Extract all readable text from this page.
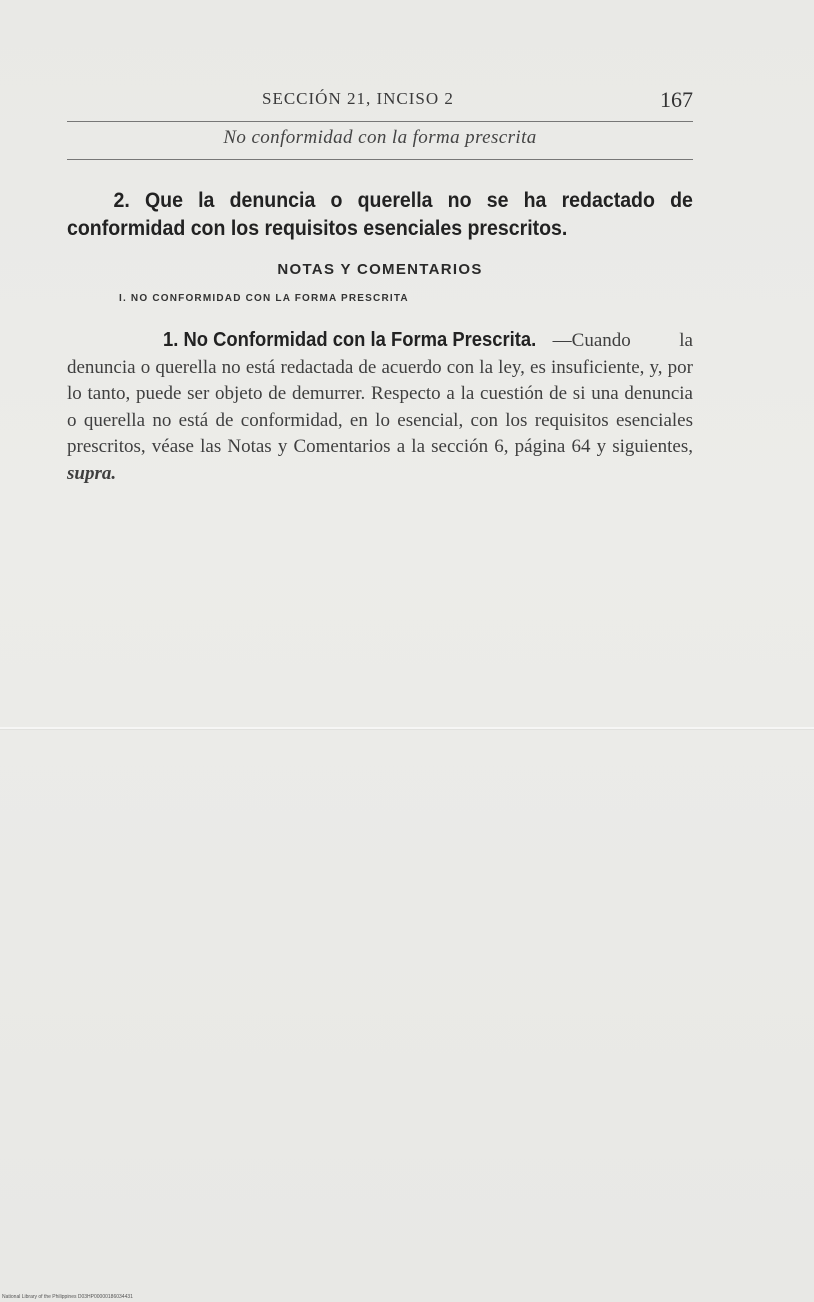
SECCIÓN 21, INCISO 2	167
No conformidad con la forma prescrita
2. Que la denuncia o querella no se ha redactado de conformidad con los requisitos esenciales prescritos.
NOTAS Y COMENTARIOS
I. NO CONFORMIDAD CON LA FORMA PRESCRITA
1. No Conformidad con la Forma Prescrita. —Cuando la denuncia o querella no está redactada de acuerdo con la ley, es insuficiente, y, por lo tanto, puede ser objeto de demurrer. Respecto a la cuestión de si una denuncia o querella no está de conformidad, en lo esencial, con los requisitos esenciales prescritos, véase las Notas y Comentarios a la sección 6, página 64 y siguientes, supra.
National Library of the Philippines D03HP00000186034431
